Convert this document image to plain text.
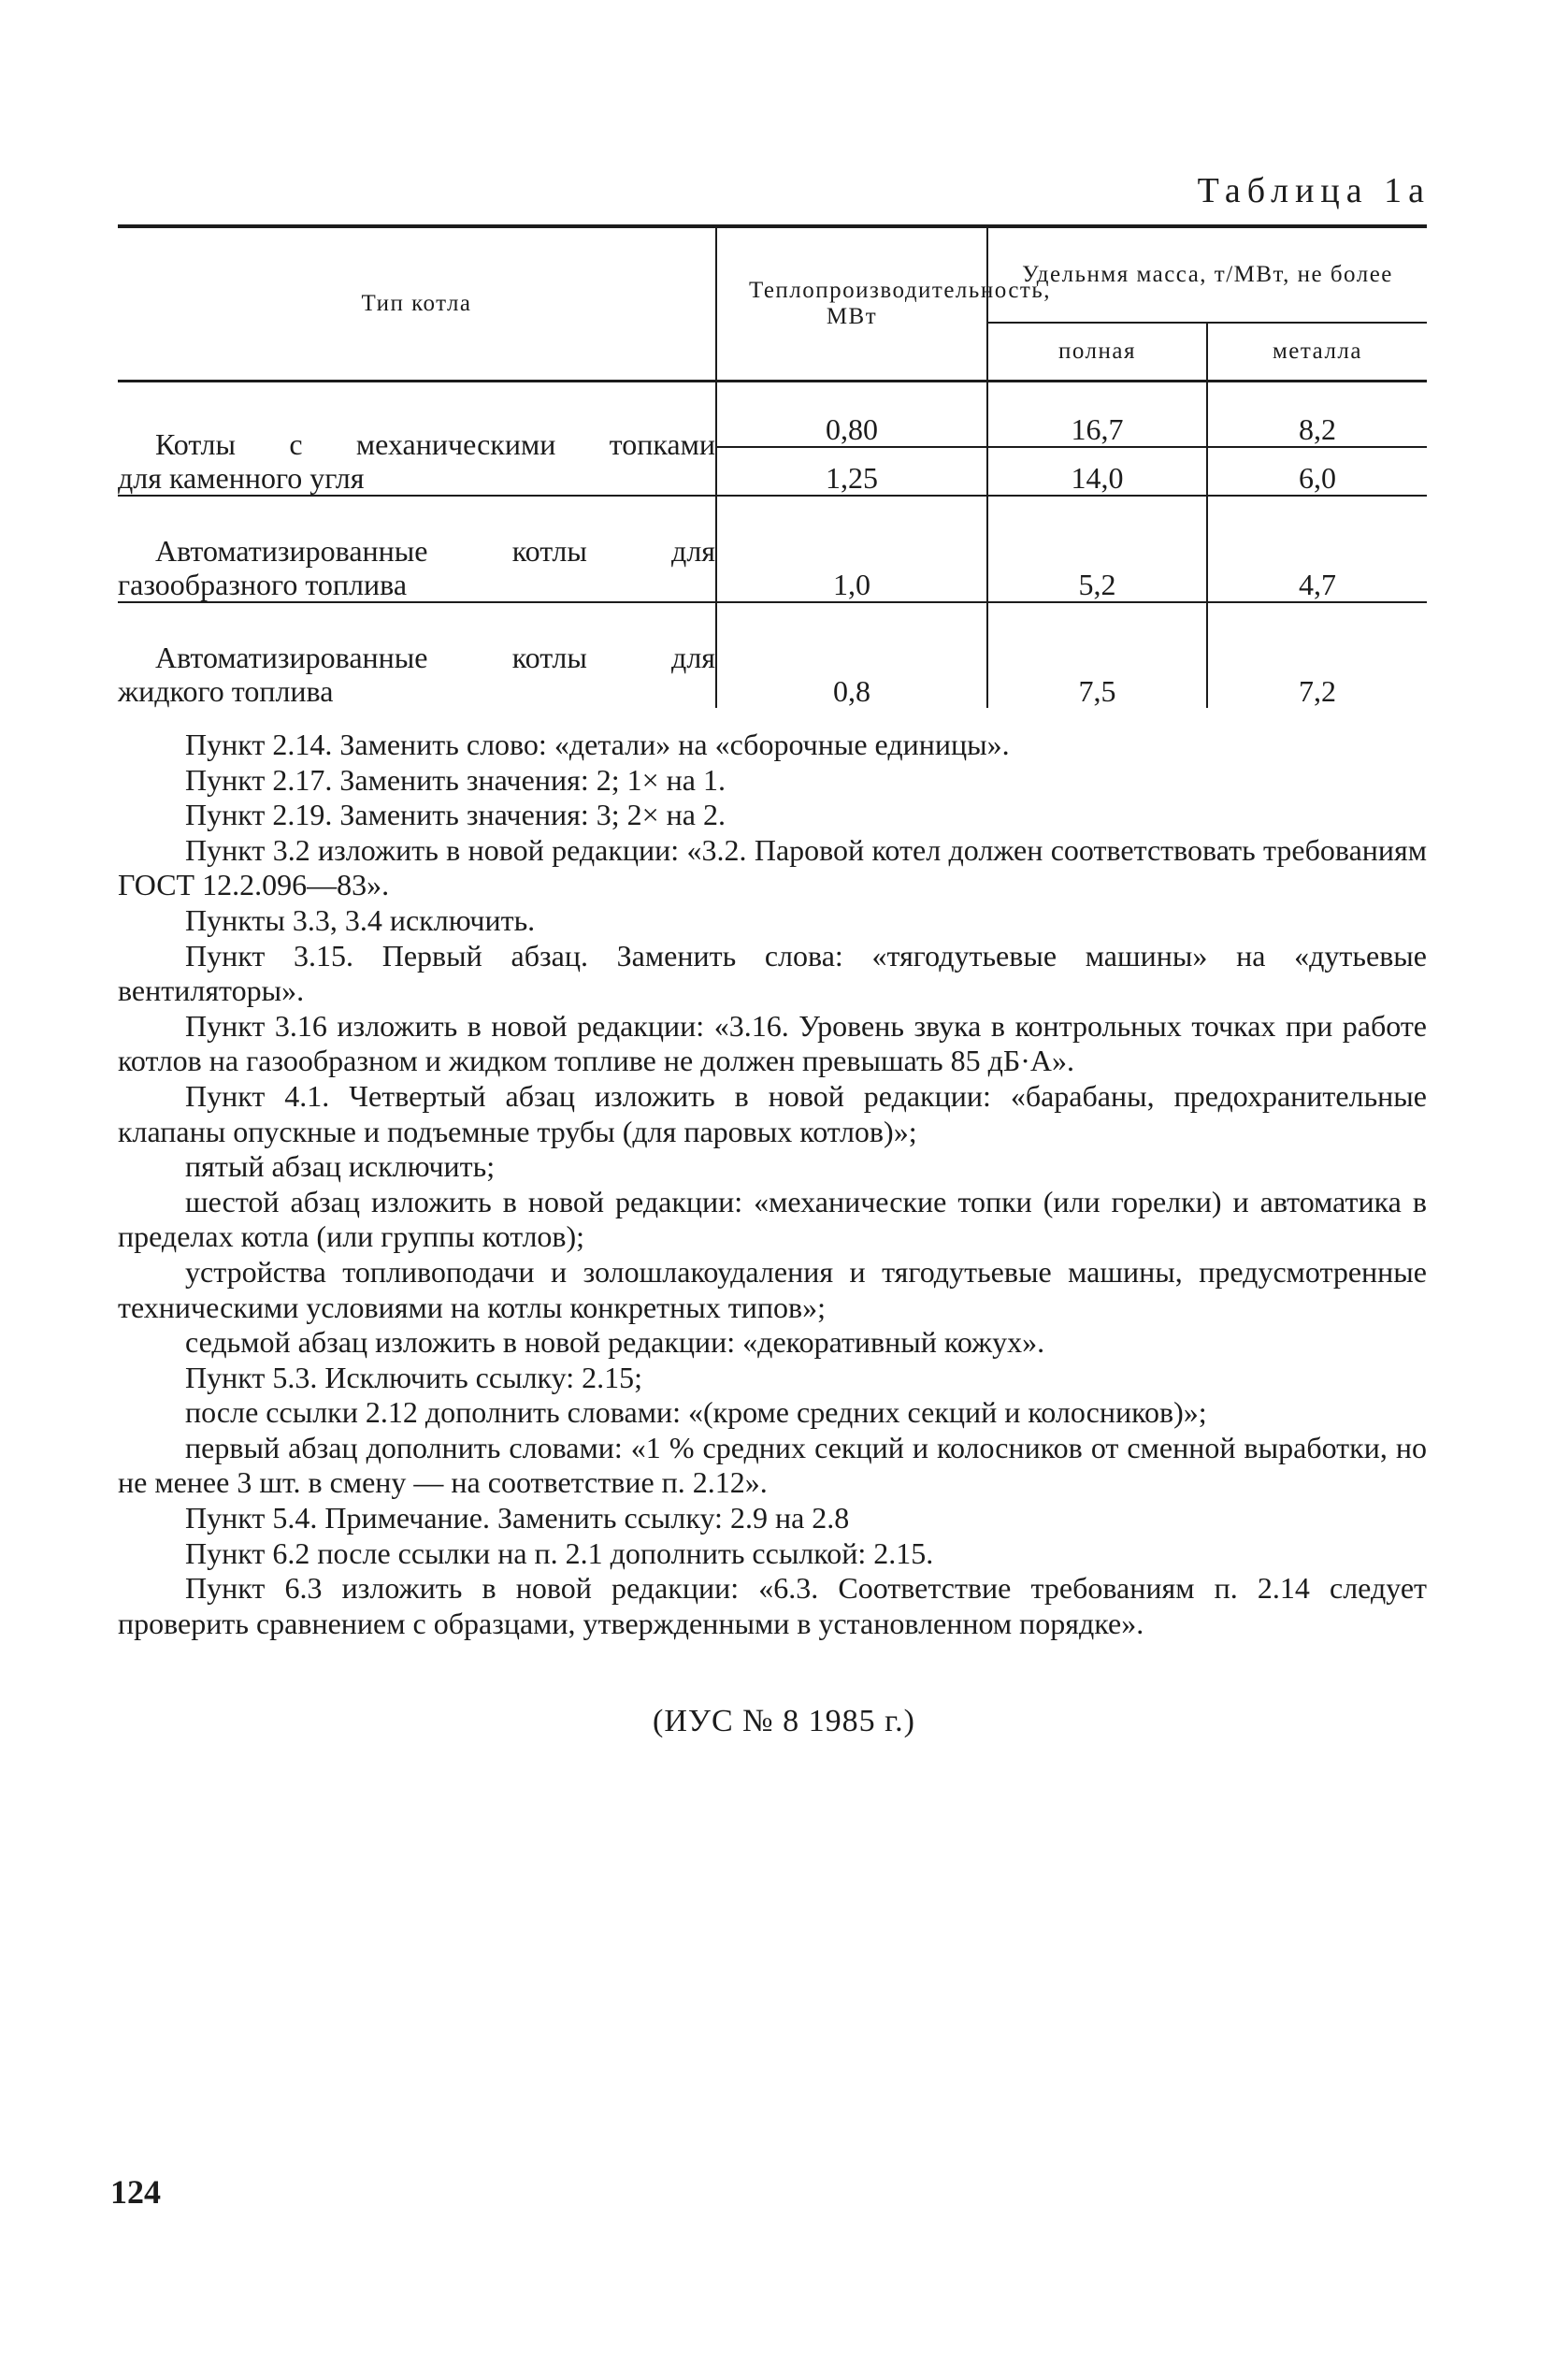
Таблица 1а
Тип котла	Теплопроизводительность, МВт	Удельнмя масса, т/МВт, не более	
		полная	металла

Котлы с механическими топками
для каменного угля	0,80	16,7	8,2
	1,25	14,0	6,0

Автоматизированные котлы для
газообразного топлива	1,0	5,2	4,7

Автоматизированные котлы для
жидкого топлива	0,8	7,5	7,2

Пункт 2.14. Заменить слово: «детали» на «сборочные единицы».

Пункт 2.17. Заменить значения: 2; 1× на 1.

Пункт 2.19. Заменить значения: 3; 2× на 2.

Пункт 3.2 изложить в новой редакции: «3.2. Паровой котел должен соответствовать требованиям ГОСТ 12.2.096—83».

Пункты 3.3, 3.4 исключить.

Пункт 3.15. Первый абзац. Заменить слова: «тягодутьевые машины» на «дутьевые вентиляторы».

Пункт 3.16 изложить в новой редакции: «3.16. Уровень звука в контрольных точках при работе котлов на газообразном и жидком топливе не должен превышать 85 дБ·А».

Пункт 4.1. Четвертый абзац изложить в новой редакции: «барабаны, предохранительные клапаны опускные и подъемные трубы (для паровых котлов)»;

пятый абзац исключить;

шестой абзац изложить в новой редакции: «механические топки (или горелки) и автоматика в пределах котла (или группы котлов);

устройства топливоподачи и золошлакоудаления и тягодутьевые машины, предусмотренные техническими условиями на котлы конкретных типов»;

седьмой абзац изложить в новой редакции: «декоративный кожух».

Пункт 5.3. Исключить ссылку: 2.15;

после ссылки 2.12 дополнить словами: «(кроме средних секций и колосников)»;

первый абзац дополнить словами: «1 % средних секций и колосников от сменной выработки, но не менее 3 шт. в смену — на соответствие п. 2.12».

Пункт 5.4. Примечание. Заменить ссылку: 2.9 на 2.8

Пункт 6.2 после ссылки на п. 2.1 дополнить ссылкой: 2.15.

Пункт 6.3 изложить в новой редакции: «6.3. Соответствие требованиям п. 2.14 следует проверить сравнением с образцами, утвержденными в установленном порядке».

(ИУС № 8 1985 г.)
124
